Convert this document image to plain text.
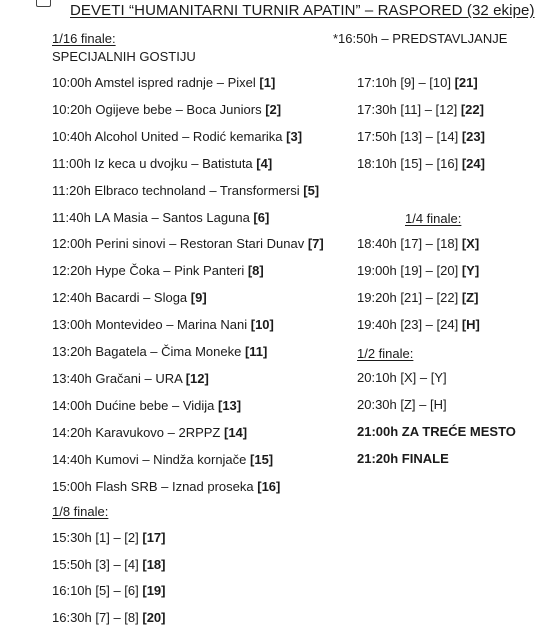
DEVETI “HUMANITARNI TURNIR APATIN” – RASPORED (32 ekipe)
1/16 finale:
SPECIJALNIH GOSTIJU
10:00h Amstel ispred radnje – Pixel [1]
10:20h Ogijeve bebe – Boca Juniors [2]
10:40h Alcohol United – Rodić kemarika [3]
11:00h Iz keca u dvojku – Batistuta [4]
11:20h Elbraco technoland – Transformersi [5]
11:40h LA Masia – Santos Laguna [6]
12:00h Perini sinovi – Restoran Stari Dunav [7]
12:20h Hype Čoka – Pink Panteri [8]
12:40h Bacardi – Sloga [9]
13:00h Montevideo – Marina Nani [10]
13:20h Bagatela – Čima Moneke [11]
13:40h Gračani – URA [12]
14:00h Dućine bebe – Vidija [13]
14:20h Karavukovo – 2RPPZ [14]
14:40h Kumovi – Nindža kornjače [15]
15:00h Flash SRB – Iznad proseka [16]
1/8 finale:
15:30h [1] – [2] [17]
15:50h [3] – [4] [18]
16:10h [5] – [6] [19]
16:30h [7] – [8] [20]
*16:50h – PREDSTAVLJANJE
17:10h [9] – [10] [21]
17:30h [11] – [12] [22]
17:50h [13] – [14] [23]
18:10h [15] – [16] [24]
1/4 finale:
18:40h [17] – [18] [X]
19:00h [19] – [20] [Y]
19:20h [21] – [22] [Z]
19:40h [23] – [24] [H]
1/2 finale:
20:10h [X] – [Y]
20:30h [Z] – [H]
21:00h ZA TREĆE MESTO
21:20h FINALE
